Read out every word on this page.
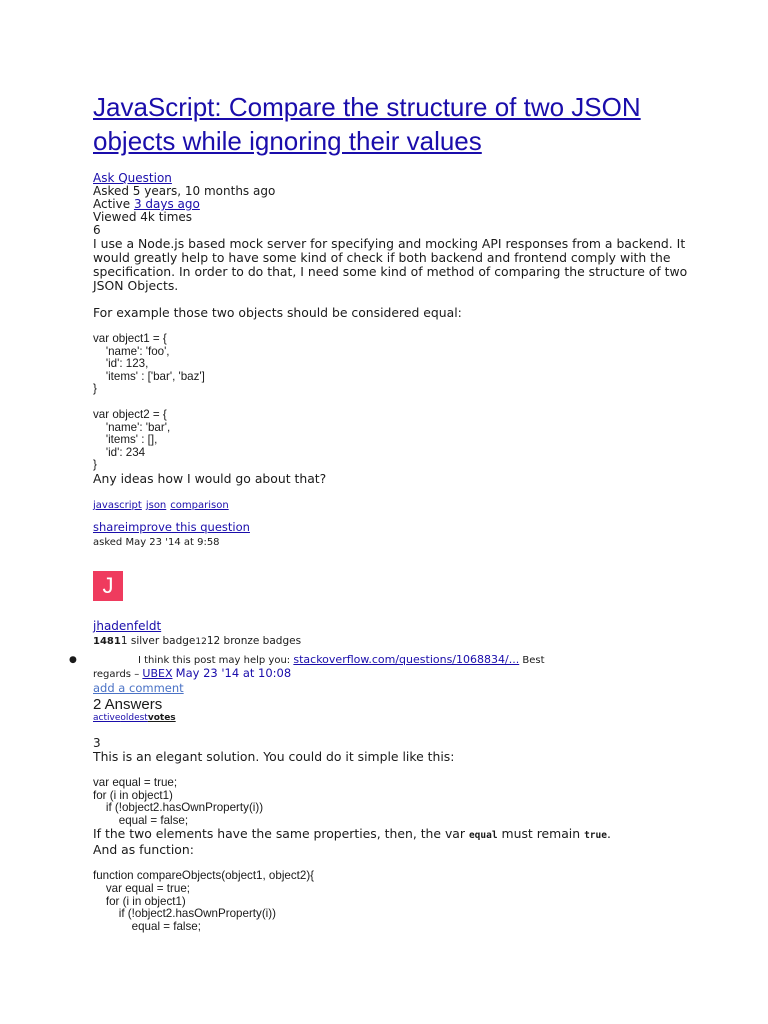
JavaScript: Compare the structure of two JSON objects while ignoring their values
Ask Question
Asked 5 years, 10 months ago
Active 3 days ago
Viewed 4k times
6

I use a Node.js based mock server for specifying and mocking API responses from a backend. It would greatly help to have some kind of check if both backend and frontend comply with the specification. In order to do that, I need some kind of method of comparing the structure of two JSON Objects.

For example those two objects should be considered equal:

var object1 = {
'name': 'foo',
'id': 123,
'items' : ['bar', 'baz']
}
var object2 = {
'name': 'bar',
'items' : [],
'id': 234
}

Any ideas how I would go about that?

javascript json comparison
shareimprove this question
asked May 23 '14 at 9:58
J
jhadenfeldt
14811 silver badge1212 bronze badges
●	I think this post may help you: stackoverflow.com/questions/1068834/... Best
regards – UBEX May 23 '14 at 10:08
add a comment
2 Answers
activeoldestvotes
3

This is an elegant solution. You could do it simple like this:

var equal = true;
for (i in object1)
if (!object2.hasOwnProperty(i))
equal = false;

If the two elements have the same properties, then, the var equal must remain true.

And as function:

function compareObjects(object1, object2){
var equal = true;
for (i in object1)
if (!object2.hasOwnProperty(i))
equal = false;
